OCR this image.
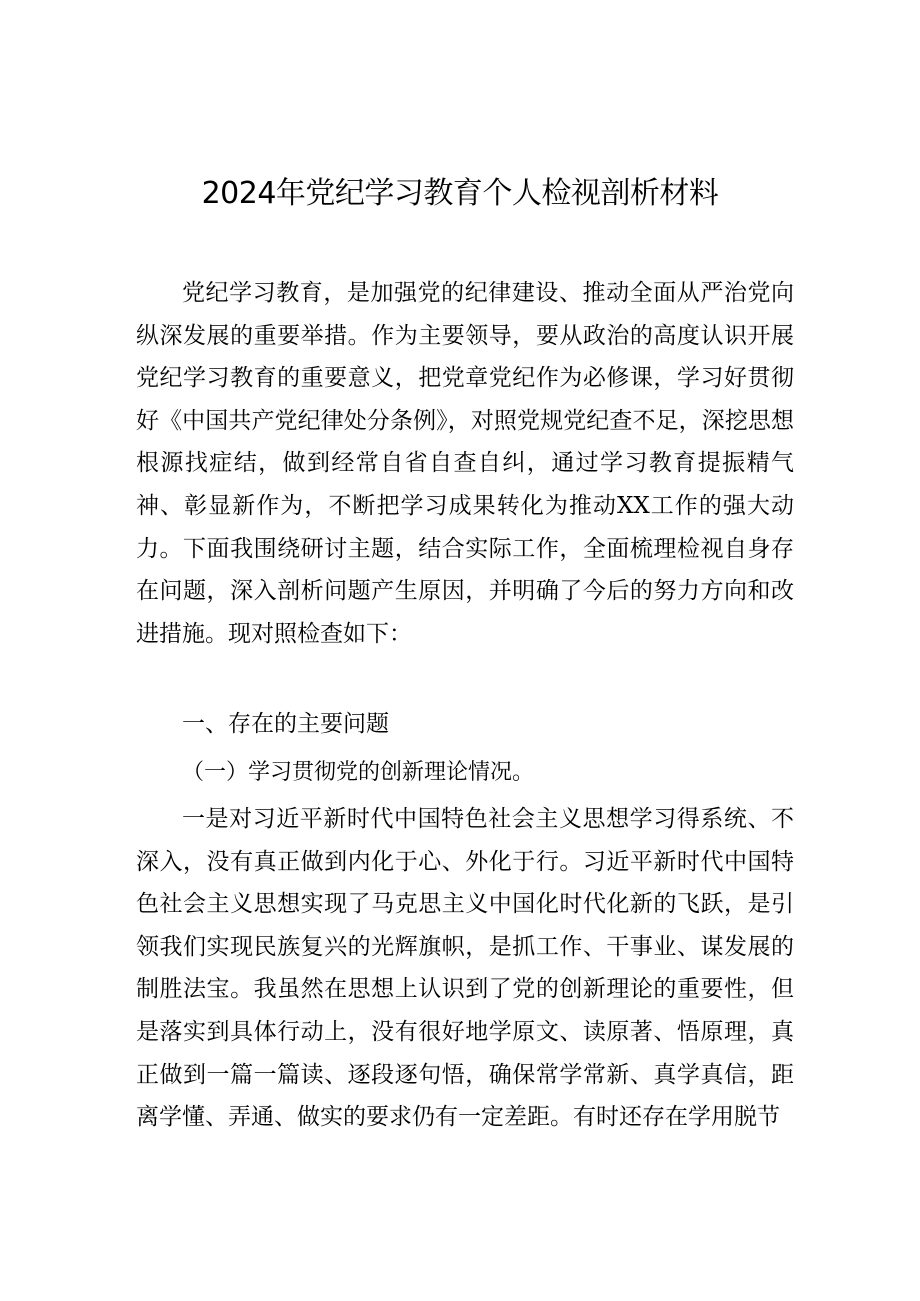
2024年党纪学习教育个人检视剖析材料
党纪学习教育，是加强党的纪律建设、推动全面从严治党向纵深发展的重要举措。作为主要领导，要从政治的高度认识开展党纪学习教育的重要意义，把党章党纪作为必修课，学习好贯彻好《中国共产党纪律处分条例》，对照党规党纪查不足，深挖思想根源找症结，做到经常自省自查自纠，通过学习教育提振精气神、彰显新作为，不断把学习成果转化为推动XX工作的强大动力。下面我围绕研讨主题，结合实际工作，全面梳理检视自身存在问题，深入剖析问题产生原因，并明确了今后的努力方向和改进措施。现对照检查如下：
一、存在的主要问题
（一）学习贯彻党的创新理论情况。
一是对习近平新时代中国特色社会主义思想学习得系统、不深入，没有真正做到内化于心、外化于行。习近平新时代中国特色社会主义思想实现了马克思主义中国化时代化新的飞跃，是引领我们实现民族复兴的光辉旗帜，是抓工作、干事业、谋发展的制胜法宝。我虽然在思想上认识到了党的创新理论的重要性，但是落实到具体行动上，没有很好地学原文、读原著、悟原理，真正做到一篇一篇读、逐段逐句悟，确保常学常新、真学真信，距离学懂、弄通、做实的要求仍有一定差距。有时还存在学用脱节
